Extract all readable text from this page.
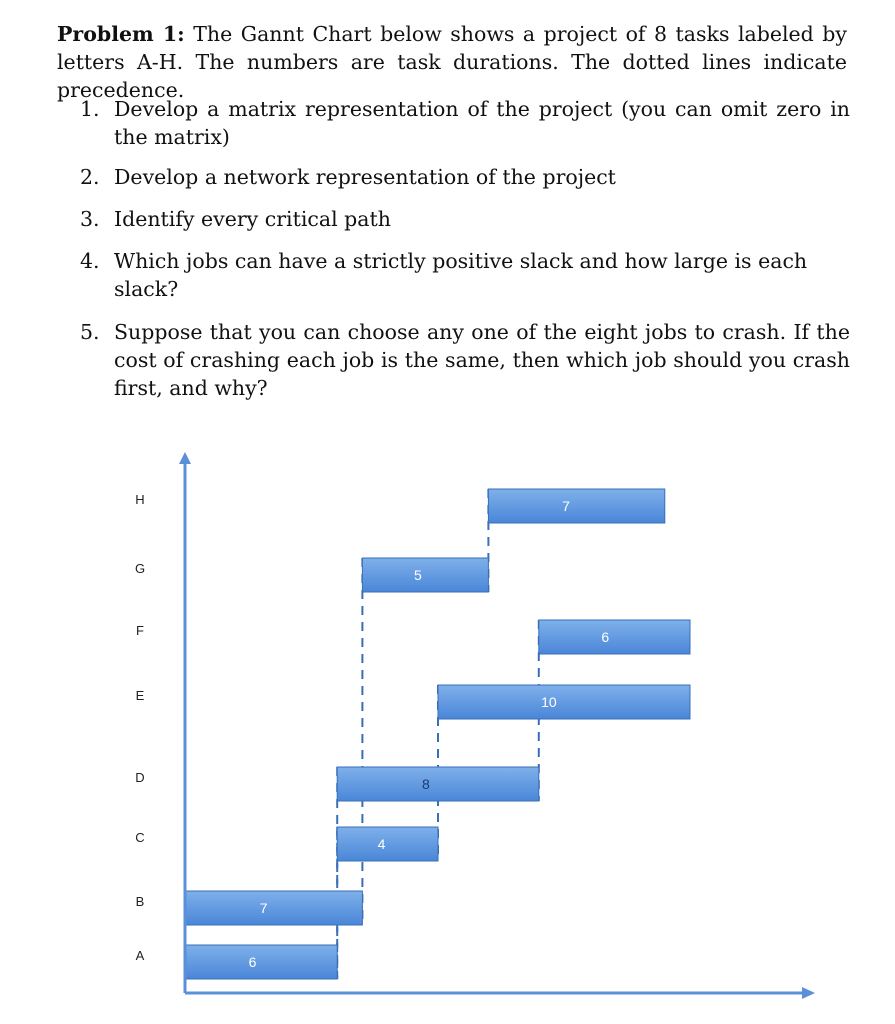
Problem 1: The Gannt Chart below shows a project of 8 tasks labeled by letters A-H. The numbers are task durations. The dotted lines indicate precedence.
1. Develop a matrix representation of the project (you can omit zero in the matrix)
2. Develop a network representation of the project
3. Identify every critical path
4. Which jobs can have a strictly positive slack and how large is each slack?
5. Suppose that you can choose any one of the eight jobs to crash. If the cost of crashing each job is the same, then which job should you crash first, and why?
6
7
4
8
10
6
5
7
A
B
C
D
E
F
G
H
